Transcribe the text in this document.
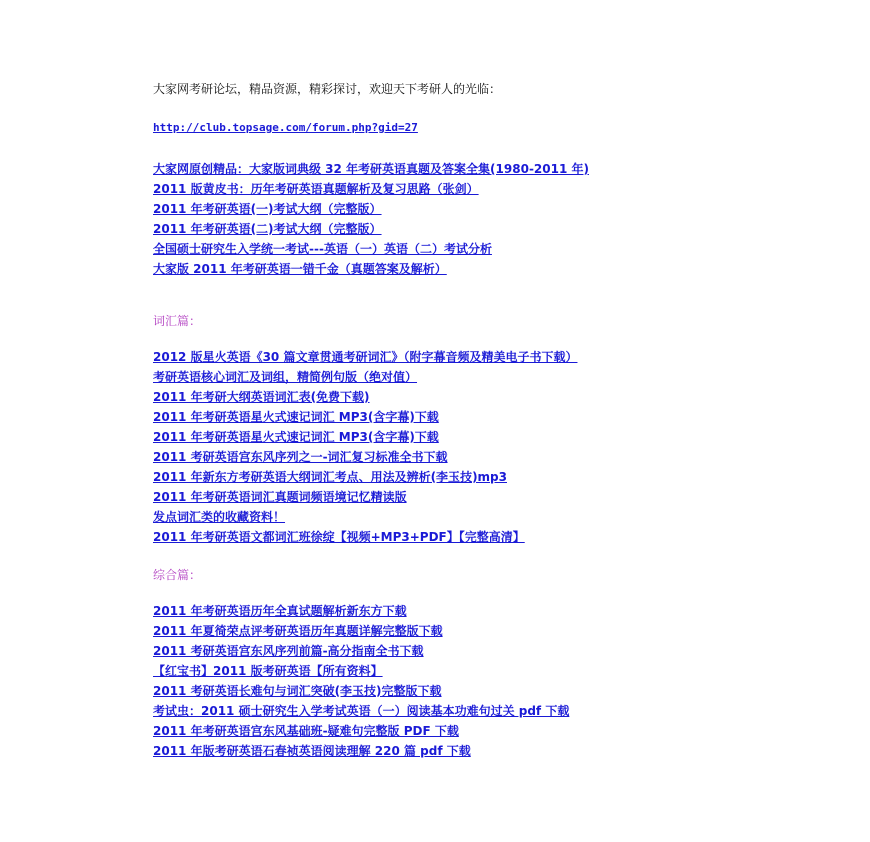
大家网考研论坛，精品资源，精彩探讨，欢迎天下考研人的光临：

http://club.topsage.com/forum.php?gid=27
大家网原创精品：大家版词典级 32 年考研英语真题及答案全集(1980-2011 年)
2011 版黄皮书：历年考研英语真题解析及复习思路（张剑）
2011 年考研英语(一)考试大纲（完整版）
2011 年考研英语(二)考试大纲（完整版）
全国硕士研究生入学统一考试---英语（一）英语（二）考试分析
大家版 2011 年考研英语一错千金（真题答案及解析）

词汇篇：

2012 版星火英语《30 篇文章贯通考研词汇》（附字幕音频及精美电子书下载）
考研英语核心词汇及词组，精简例句版（绝对值）
2011 年考研大纲英语词汇表(免费下载)
2011 年考研英语星火式速记词汇 MP3(含字幕)下载
2011 年考研英语星火式速记词汇 MP3(含字幕)下载
2011 考研英语宫东风序列之一-词汇复习标准全书下载
2011 年新东方考研英语大纲词汇考点、用法及辨析(李玉技)mp3
2011 年考研英语词汇真题词频语境记忆精读版
发点词汇类的收藏资料！
2011 年考研英语文都词汇班徐绽【视频+MP3+PDF】【完整高清】

综合篇：

2011 年考研英语历年全真试题解析新东方下载
2011 年夏徛荣点评考研英语历年真题详解完整版下载
2011 考研英语宫东风序列前篇-高分指南全书下载
【红宝书】2011 版考研英语【所有资料】
2011 考研英语长难句与词汇突破(李玉技)完整版下载
考试虫：2011 硕士研究生入学考试英语（一）阅读基本功难句过关 pdf 下载
2011 年考研英语宫东风基础班-疑难句完整版 PDF 下载
2011 年版考研英语石春祯英语阅读理解 220 篇 pdf 下载
